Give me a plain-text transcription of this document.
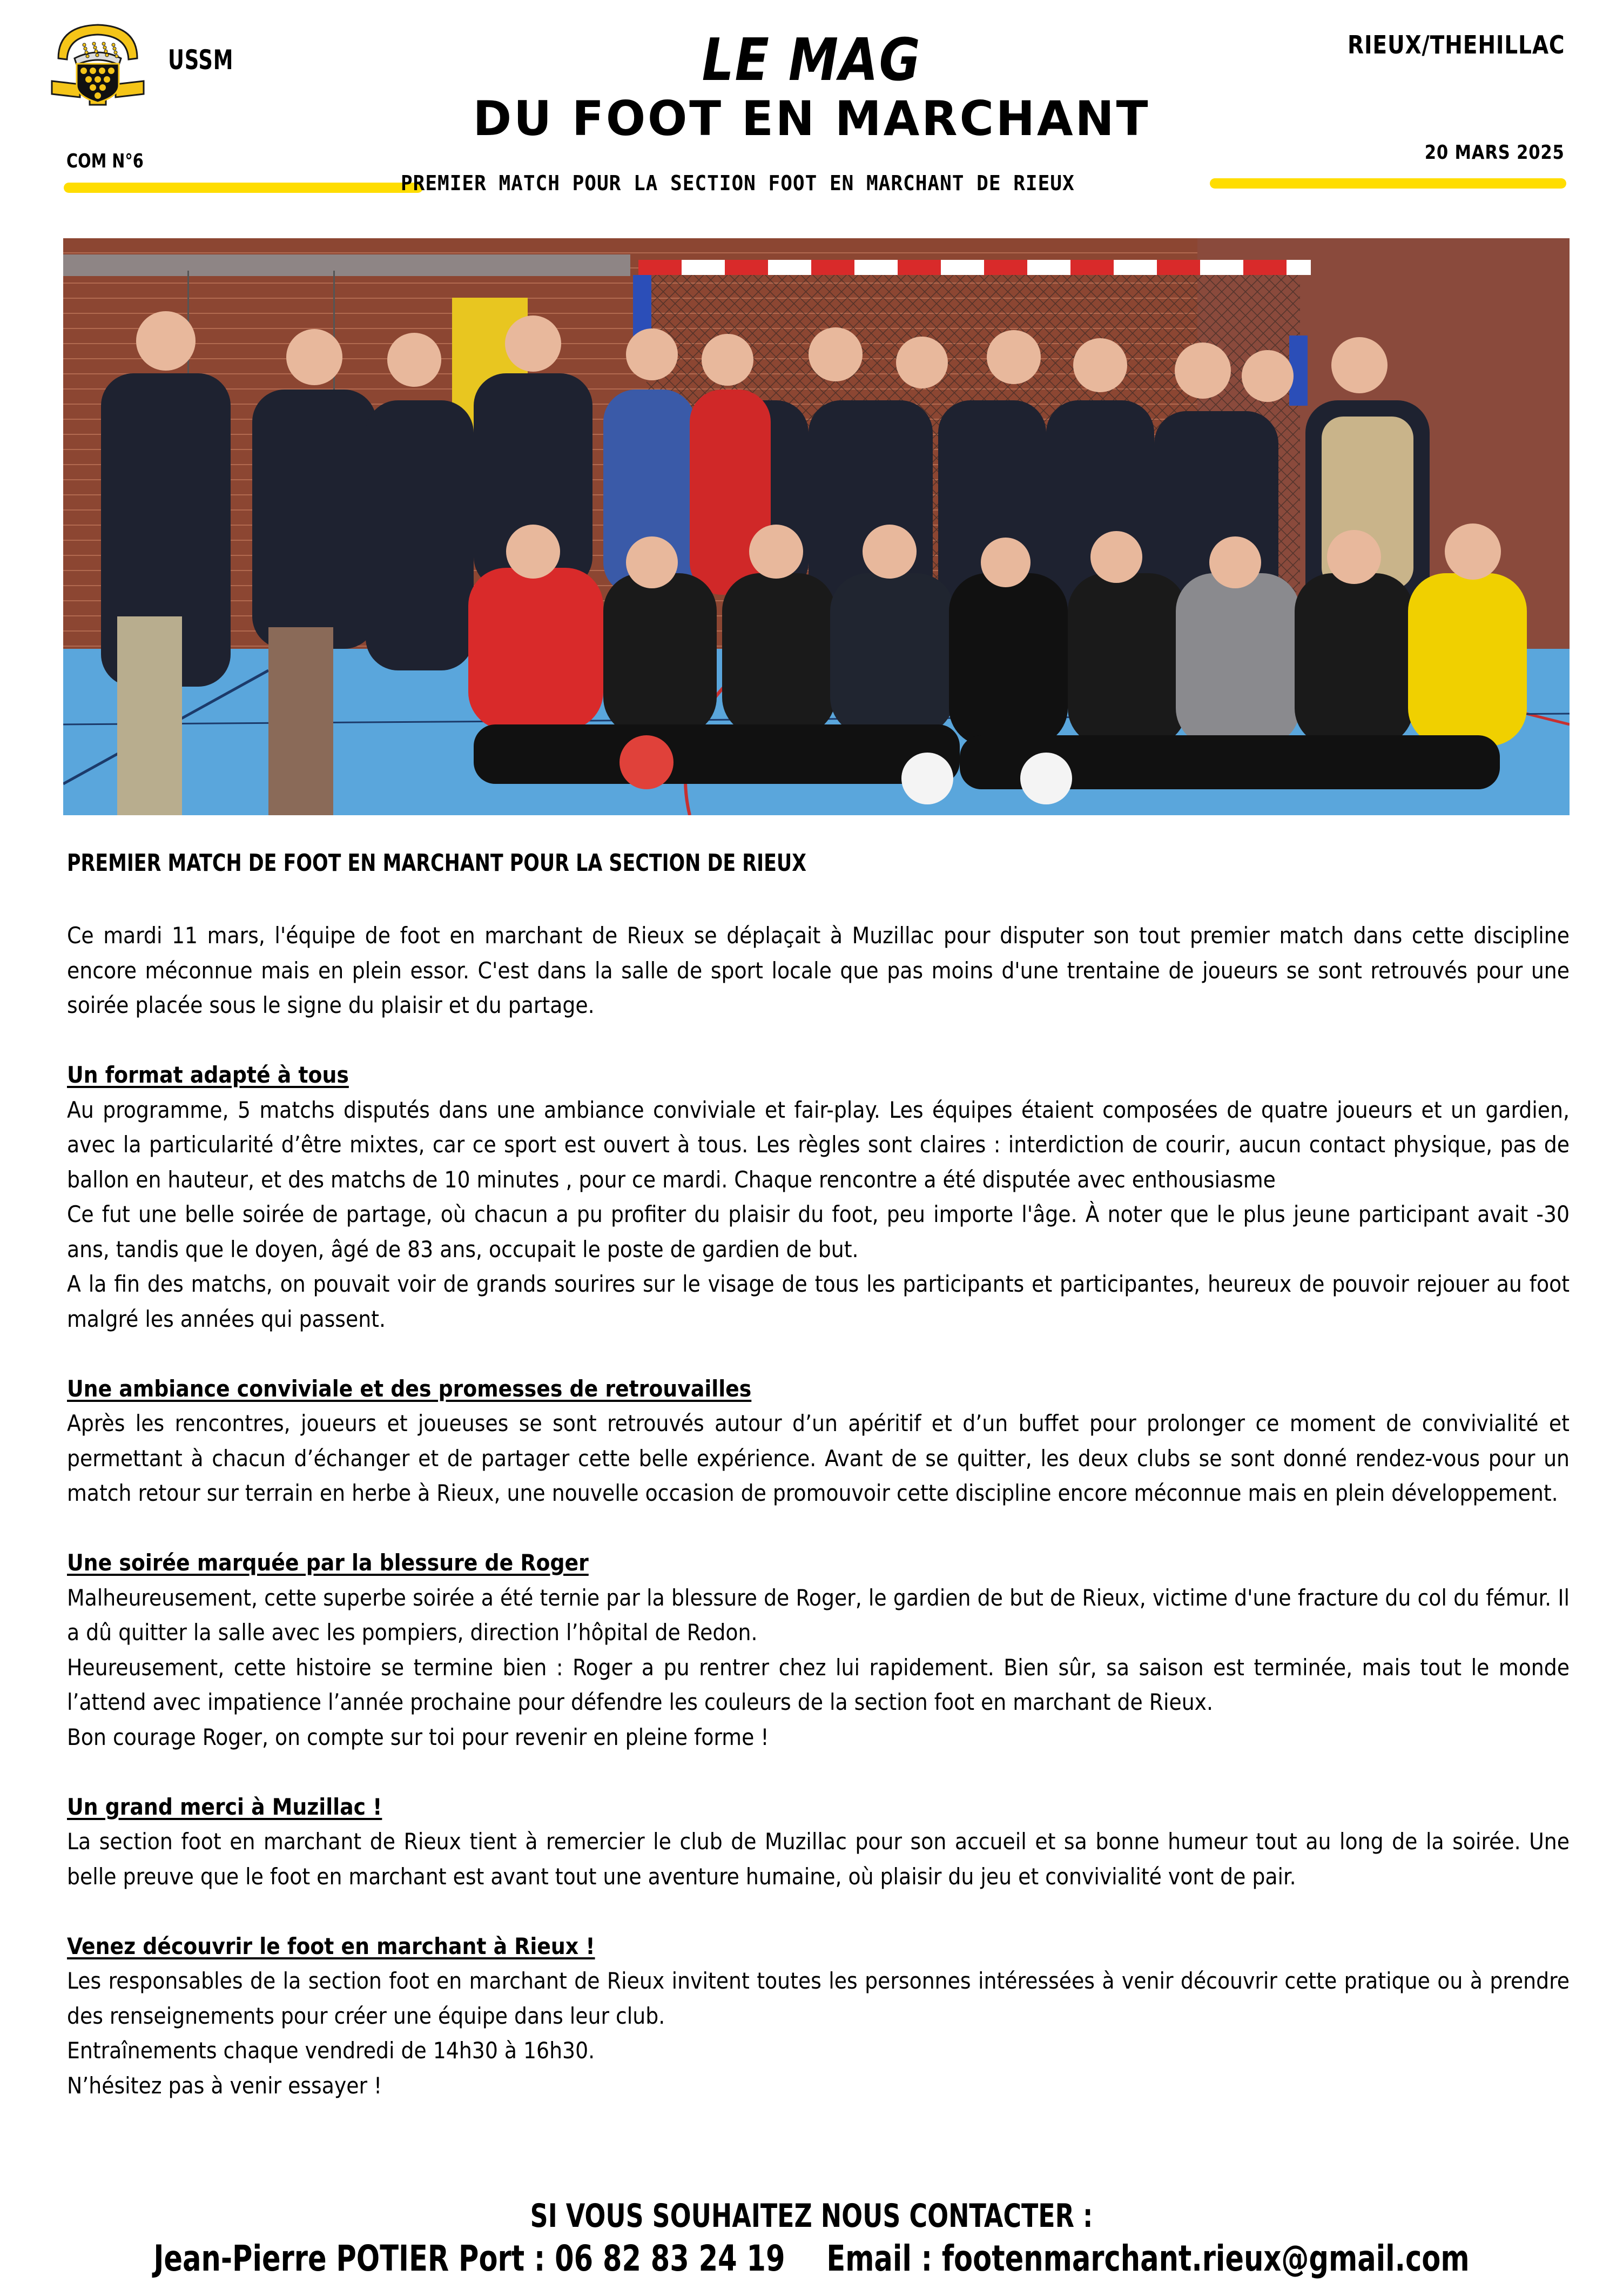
USSM
COM N°6
LE MAG
DU FOOT EN MARCHANT
RIEUX/THEHILLAC
20 MARS 2025
PREMIER MATCH POUR LA SECTION FOOT EN MARCHANT DE RIEUX
PREMIER MATCH DE FOOT EN MARCHANT POUR LA SECTION DE RIEUX

Ce mardi 11 mars, l'équipe de foot en marchant de Rieux se déplaçait à Muzillac pour disputer son tout premier match dans cette discipline encore méconnue mais en plein essor. C'est dans la salle de sport locale que pas moins d'une trentaine de joueurs se sont retrouvés pour une soirée placée sous le signe du plaisir et du partage.

Un format adapté à tous

Au programme, 5 matchs disputés dans une ambiance conviviale et fair-play. Les équipes étaient composées de quatre joueurs et un gardien, avec la particularité d’être mixtes, car ce sport est ouvert à tous. Les règles sont claires : interdiction de courir, aucun contact physique, pas de ballon en hauteur, et des matchs de 10 minutes , pour ce mardi. Chaque rencontre a été disputée avec enthousiasme

Ce fut une belle soirée de partage, où chacun a pu profiter du plaisir du foot, peu importe l'âge. À noter que le plus jeune participant avait -30 ans, tandis que le doyen, âgé de 83 ans, occupait le poste de gardien de but.

A la fin des matchs, on pouvait voir de grands sourires sur le visage de tous les participants et participantes, heureux de pouvoir rejouer au foot malgré les années qui passent.

Une ambiance conviviale et des promesses de retrouvailles

Après les rencontres, joueurs et joueuses se sont retrouvés autour d’un apéritif et d’un buffet pour prolonger ce moment de convivialité et permettant à chacun d’échanger et de partager cette belle expérience. Avant de se quitter, les deux clubs se sont donné rendez-vous pour un match retour sur terrain en herbe à Rieux, une nouvelle occasion de promouvoir cette discipline encore méconnue mais en plein développement.

Une soirée marquée par la blessure de Roger

Malheureusement, cette superbe soirée a été ternie par la blessure de Roger, le gardien de but de Rieux, victime d'une fracture du col du fémur. Il a dû quitter la salle avec les pompiers, direction l’hôpital de Redon.

Heureusement, cette histoire se termine bien : Roger a pu rentrer chez lui rapidement. Bien sûr, sa saison est terminée, mais tout le monde l’attend avec impatience l’année prochaine pour défendre les couleurs de la section foot en marchant de Rieux.

Bon courage Roger, on compte sur toi pour revenir en pleine forme !

Un grand merci à Muzillac !

La section foot en marchant de Rieux tient à remercier le club de Muzillac pour son accueil et sa bonne humeur tout au long de la soirée. Une belle preuve que le foot en marchant est avant tout une aventure humaine, où plaisir du jeu et convivialité vont de pair.

Venez découvrir le foot en marchant à Rieux !

Les responsables de la section foot en marchant de Rieux invitent toutes les personnes intéressées à venir découvrir cette pratique ou à prendre des renseignements pour créer une équipe dans leur club.

Entraînements chaque vendredi de 14h30 à 16h30.

N’hésitez pas à venir essayer !

SI VOUS SOUHAITEZ NOUS CONTACTER :
Jean-Pierre POTIER Port : 06 82 83 24 19 Email : footenmarchant.rieux@gmail.com
